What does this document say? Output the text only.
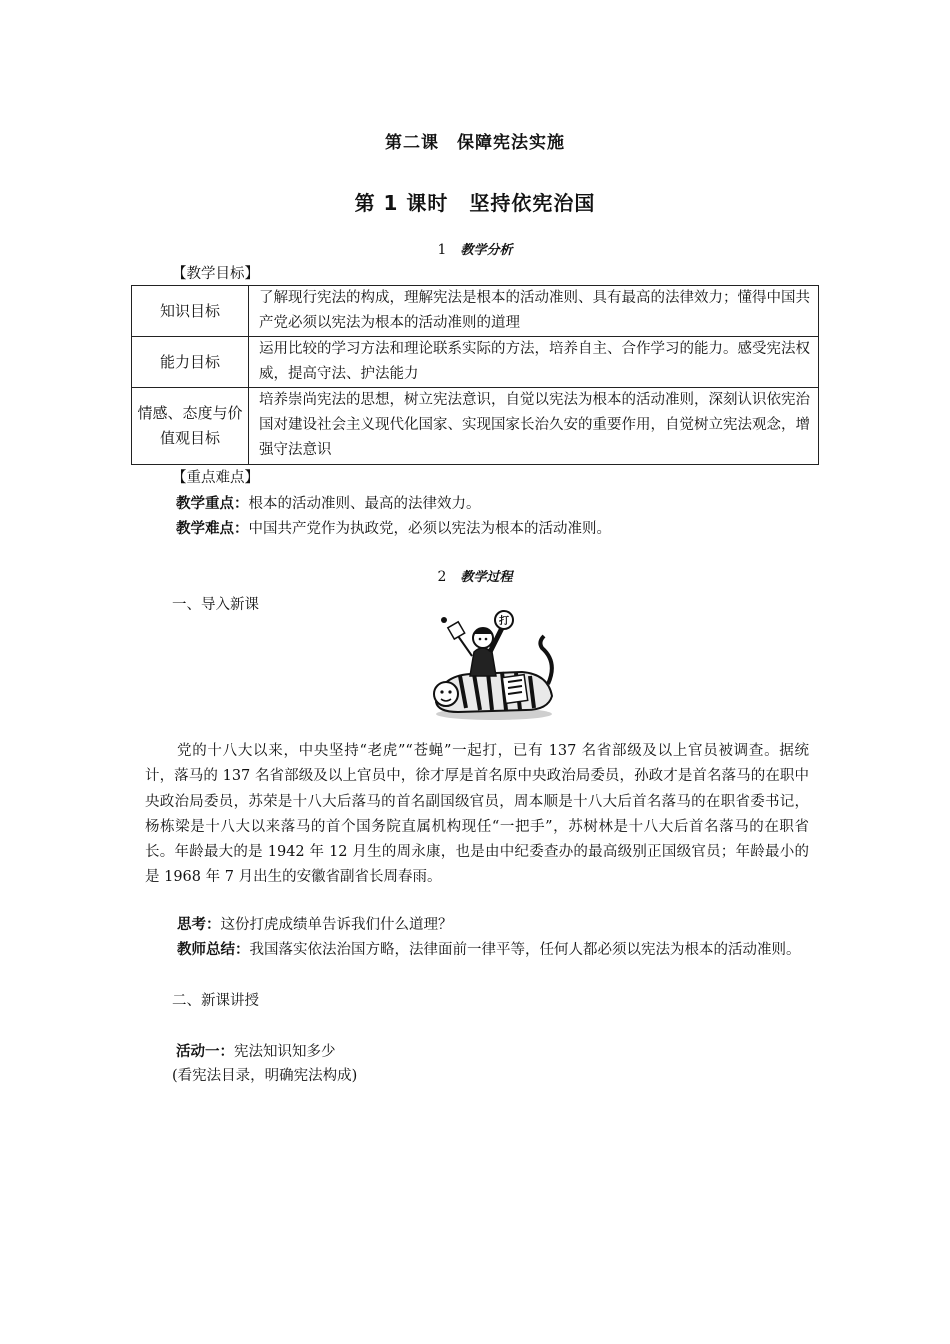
第二课　保障宪法实施
第 1 课时　坚持依宪治国
1 教学分析
【教学目标】
知识目标	了解现行宪法的构成，理解宪法是根本的活动准则、具有最高的法律效力；懂得中国共产党必须以宪法为根本的活动准则的道理
能力目标	运用比较的学习方法和理论联系实际的方法，培养自主、合作学习的能力。感受宪法权威，提高守法、护法能力
情感、态度与价值观目标	培养崇尚宪法的思想，树立宪法意识，自觉以宪法为根本的活动准则，深刻认识依宪治国对建设社会主义现代化国家、实现国家长治久安的重要作用，自觉树立宪法观念，增强守法意识
【重点难点】
教学重点：根本的活动准则、最高的法律效力。
教学难点：中国共产党作为执政党，必须以宪法为根本的活动准则。
2 教学过程
一、导入新课
打
党的十八大以来，中央坚持“老虎”“苍蝇”一起打，已有 137 名省部级及以上官员被调查。据统计，落马的 137 名省部级及以上官员中，徐才厚是首名原中央政治局委员，孙政才是首名落马的在职中央政治局委员，苏荣是十八大后落马的首名副国级官员，周本顺是十八大后首名落马的在职省委书记，杨栋梁是十八大以来落马的首个国务院直属机构现任“一把手”，苏树林是十八大后首名落马的在职省长。年龄最大的是 1942 年 12 月生的周永康，也是由中纪委查办的最高级别正国级官员；年龄最小的是 1968 年 7 月出生的安徽省副省长周春雨。
思考：这份打虎成绩单告诉我们什么道理？
教师总结：我国落实依法治国方略，法律面前一律平等，任何人都必须以宪法为根本的活动准则。
二、新课讲授
活动一：宪法知识知多少
(看宪法目录，明确宪法构成)
